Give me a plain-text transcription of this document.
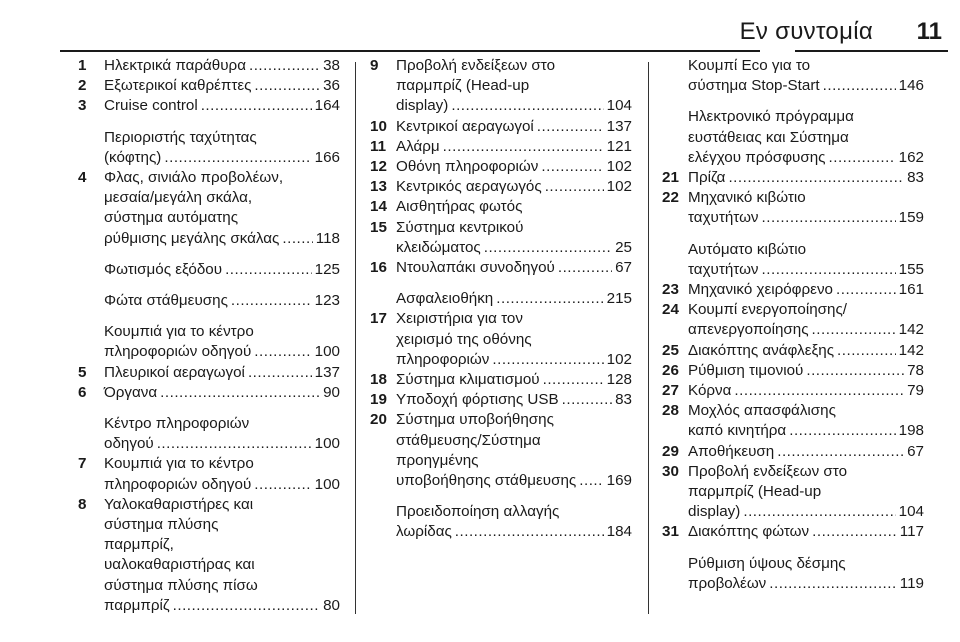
Εν συντομία 11
1	Ηλεκτρικά παράθυρα .....	38
2	Εξωτερικοί καθρέπτες .....	36
3	Cruise control .....	164
Περιοριστής ταχύτητας
(κόφτης) .....	166
4	Φλας, σινιάλο προβολέων,
μεσαία/μεγάλη σκάλα,
σύστημα αυτόματης
ρύθμισης μεγάλης σκάλας ..... 118
Φωτισμός εξόδου .....	125
Φώτα στάθμευσης .....	123
Κουμπιά για το κέντρο
πληροφοριών οδηγού .....	100
5	Πλευρικοί αεραγωγοί .....	137
6	Όργανα .....	90
Κέντρο πληροφοριών
οδηγού .....	100
7	Κουμπιά για το κέντρο
πληροφοριών οδηγού .....	100
8	Υαλοκαθαριστήρες και
σύστημα πλύσης
παρμπρίζ,
υαλοκαθαριστήρας και
σύστημα πλύσης πίσω
παρμπρίζ .....	80
9	Προβολή ενδείξεων στο
παρμπρίζ (Head-up
display) .....	104
10 Κεντρικοί αεραγωγοί .....	137
11 Αλάρμ .....	121
12 Οθόνη πληροφοριών .....	102
13 Κεντρικός αεραγωγός .....	102
14 Αισθητήρας φωτός
15 Σύστημα κεντρικού
κλειδώματος .....	25
16 Ντουλαπάκι συνοδηγού .....	67
Ασφαλειοθήκη .....	215
17 Χειριστήρια για τον
χειρισμό της οθόνης
πληροφοριών .....	102
18 Σύστημα κλιματισμού .....	128
19 Υποδοχή φόρτισης USB .....	83
20 Σύστημα υποβοήθησης
στάθμευσης/Σύστημα
προηγμένης
υποβοήθησης στάθμευσης ..... 169
Προειδοποίηση αλλαγής
λωρίδας .....	184
Κουμπί Eco για το
σύστημα Stop-Start .....	146
Ηλεκτρονικό πρόγραμμα
ευστάθειας και Σύστημα
ελέγχου πρόσφυσης .....	162
21 Πρίζα .....	83
22 Μηχανικό κιβώτιο
ταχυτήτων .....	159
Αυτόματο κιβώτιο
ταχυτήτων .....	155
23 Μηχανικό χειρόφρενο .....	161
24 Κουμπί ενεργοποίησης/
απενεργοποίησης .....	142
25 Διακόπτης ανάφλεξης .....	142
26 Ρύθμιση τιμονιού .....	78
27 Κόρνα .....	79
28 Μοχλός απασφάλισης
καπό κινητήρα .....	198
29 Αποθήκευση .....	67
30 Προβολή ενδείξεων στο
παρμπρίζ (Head-up
display) .....	104
31 Διακόπτης φώτων .....	117
Ρύθμιση ύψους δέσμης
προβολέων .....	119
